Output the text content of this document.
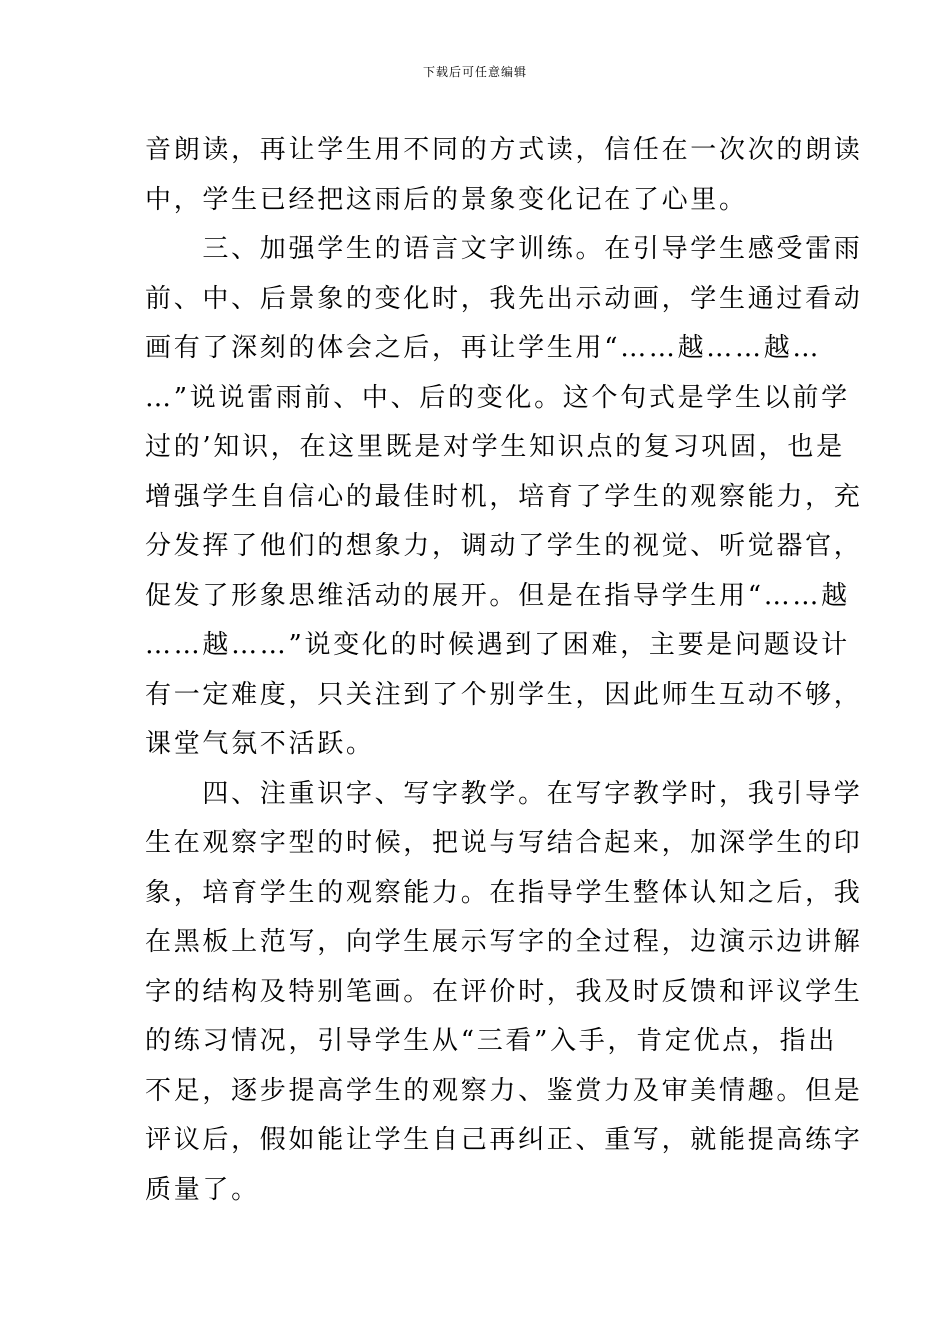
下载后可任意编辑
音朗读，再让学生用不同的方式读，信任在一次次的朗读
中，学生已经把这雨后的景象变化记在了心里。
　　三、加强学生的语言文字训练。在引导学生感受雷雨
前、中、后景象的变化时，我先出示动画，学生通过看动
画有了深刻的体会之后，再让学生用“……越……越…
…”说说雷雨前、中、后的变化。这个句式是学生以前学
过的’知识，在这里既是对学生知识点的复习巩固，也是
增强学生自信心的最佳时机，培育了学生的观察能力，充
分发挥了他们的想象力，调动了学生的视觉、听觉器官，
促发了形象思维活动的展开。但是在指导学生用“……越
……越……”说变化的时候遇到了困难，主要是问题设计
有一定难度，只关注到了个别学生，因此师生互动不够，
课堂气氛不活跃。
　　四、注重识字、写字教学。在写字教学时，我引导学
生在观察字型的时候，把说与写结合起来，加深学生的印
象，培育学生的观察能力。在指导学生整体认知之后，我
在黑板上范写，向学生展示写字的全过程，边演示边讲解
字的结构及特别笔画。在评价时，我及时反馈和评议学生
的练习情况，引导学生从“三看”入手，肯定优点，指出
不足，逐步提高学生的观察力、鉴赏力及审美情趣。但是
评议后，假如能让学生自己再纠正、重写，就能提高练字
质量了。
